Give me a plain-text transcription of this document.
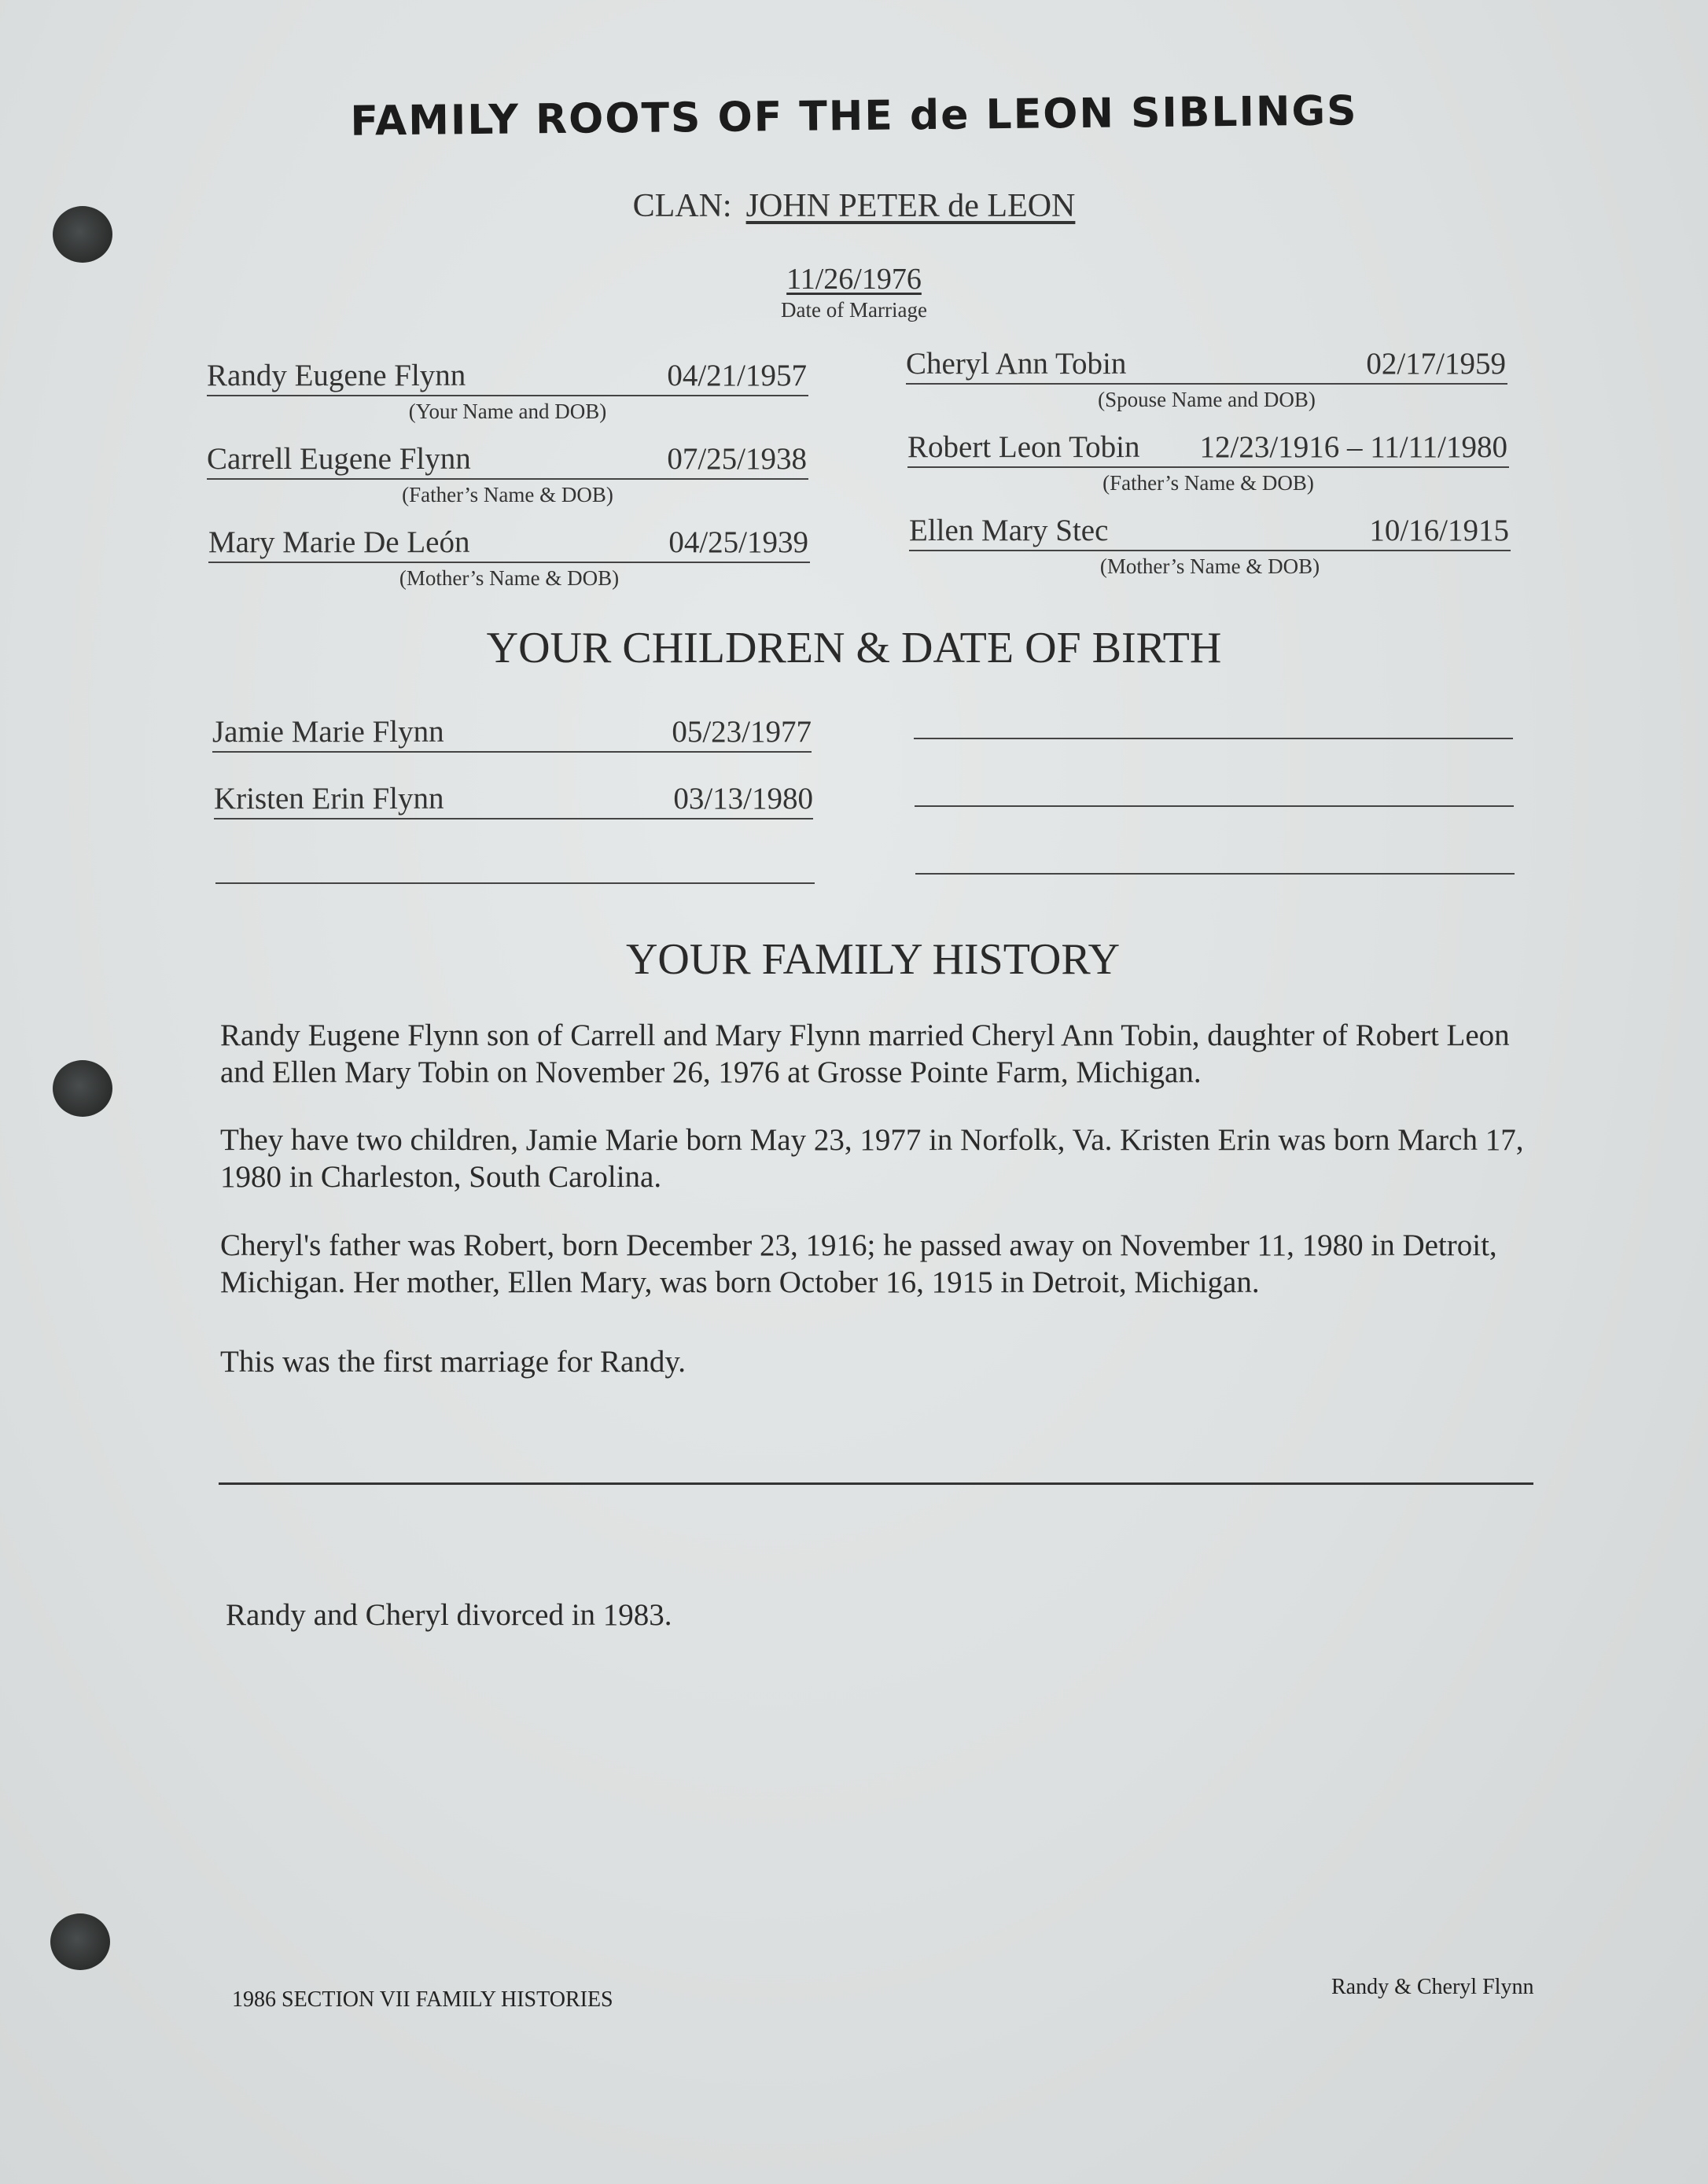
FAMILY ROOTS OF THE de LEON SIBLINGS
CLAN: JOHN PETER de LEON
11/26/1976
Date of Marriage
Randy Eugene Flynn	04/21/1957
(Your Name and DOB)
Carrell Eugene Flynn	07/25/1938
(Father’s Name & DOB)
Mary Marie De León	04/25/1939
(Mother’s Name & DOB)
Cheryl Ann Tobin	02/17/1959
(Spouse Name and DOB)
Robert Leon Tobin 12/23/1916 – 11/11/1980
(Father’s Name & DOB)
Ellen Mary Stec	10/16/1915
(Mother’s Name & DOB)
YOUR CHILDREN & DATE OF BIRTH
Jamie Marie Flynn	05/23/1977
Kristen Erin Flynn	03/13/1980
YOUR FAMILY HISTORY

Randy Eugene Flynn son of Carrell and Mary Flynn married Cheryl Ann Tobin, daughter of Robert Leon and Ellen Mary Tobin on November 26, 1976 at Grosse Pointe Farm, Michigan.

They have two children, Jamie Marie born May 23, 1977 in Norfolk, Va. Kristen Erin was born March 17, 1980 in Charleston, South Carolina.

Cheryl's father was Robert, born December 23, 1916; he passed away on November 11, 1980 in Detroit, Michigan. Her mother, Ellen Mary, was born October 16, 1915 in Detroit, Michigan.

This was the first marriage for Randy.

Randy and Cheryl divorced in 1983.
1986 SECTION VII FAMILY HISTORIES
Randy & Cheryl Flynn
